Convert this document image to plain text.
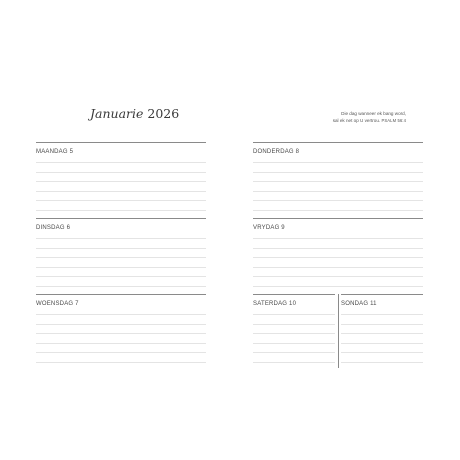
Januarie 2026	Die dag wanneer ek bang word,
sal ek net op U vertrou. PSALM 56:4
MAANDAG 5
DINSDAG 6
WOENSDAG 7
DONDERDAG 8
VRYDAG 9
SATERDAG 10	SONDAG 11
